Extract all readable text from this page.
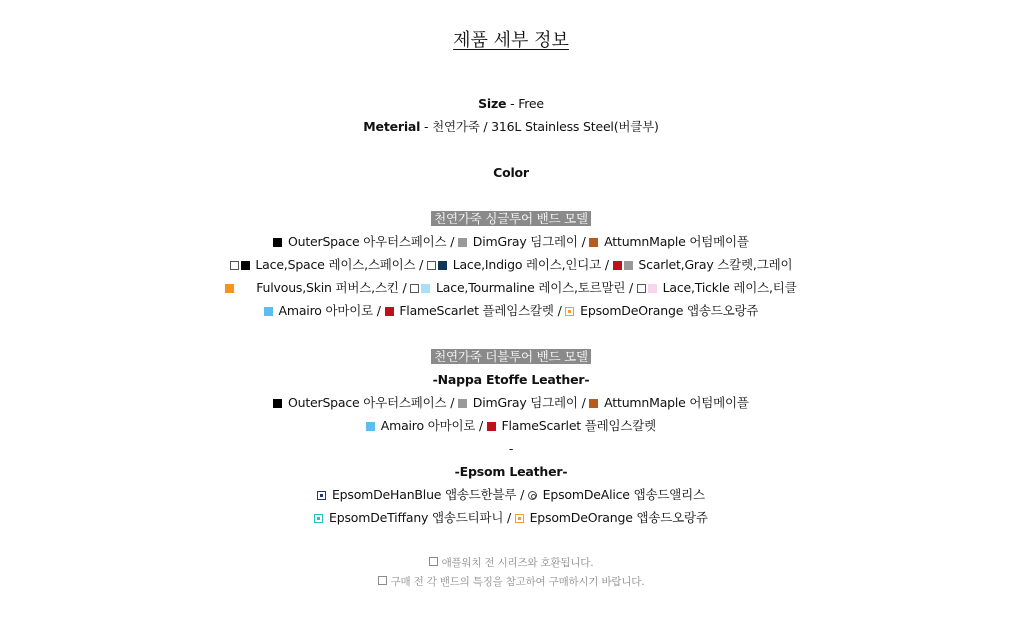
제품 세부 정보
Size - Free
Meterial - 천연가죽 / 316L Stainless Steel(버클부)
Color
천연가죽 싱글투어 밴드 모델
OuterSpace 아우터스페이스 /  DimGray 딤그레이 /  AttumnMaple 어텀메이플
Lace,Space 레이스,스페이스 /  Lace,Indigo 레이스,인디고 /  Scarlet,Gray 스칼렛,그레이
Fulvous,Skin 퍼버스,스킨 /  Lace,Tourmaline 레이스,토르말린 /  Lace,Tickle 레이스,티클
Amairo 아마이로 /  FlameScarlet 플레임스칼렛 /  EpsomDeOrange 앱송드오랑쥬
천연가죽 더블투어 밴드 모델
-Nappa Etoffe Leather-
OuterSpace 아우터스페이스 /  DimGray 딤그레이 /  AttumnMaple 어텀메이플
Amairo 아마이로 /  FlameScarlet 플레임스칼렛
-
-Epsom Leather-
EpsomDeHanBlue 앱송드한블루 /  EpsomDeAlice 앱송드앨리스
EpsomDeTiffany 앱송드티파니 /  EpsomDeOrange 앱송드오랑쥬
애플워치 전 시리즈와 호환됩니다.
구매 전 각 밴드의 특징을 참고하여 구매하시기 바랍니다.
